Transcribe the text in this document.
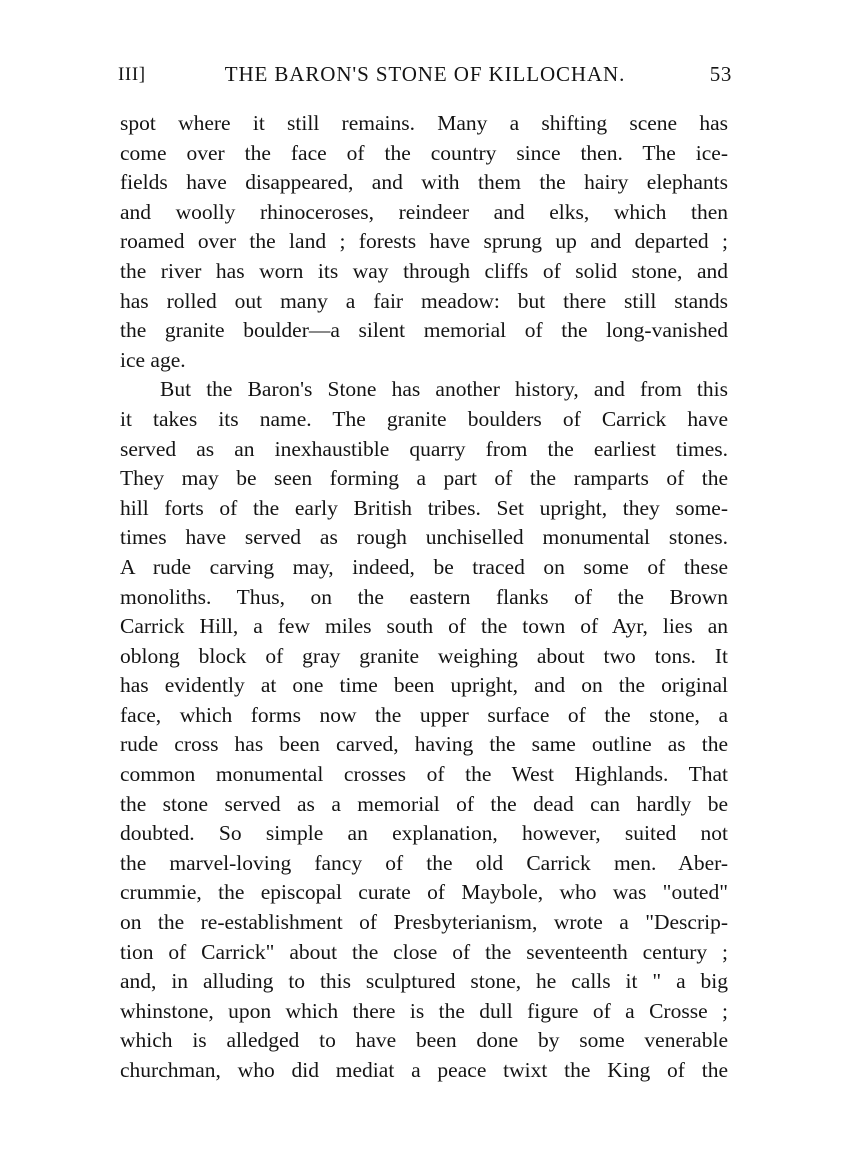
III]	THE BARON'S STONE OF KILLOCHAN.	53
spot where it still remains. Many a shifting scene has
come over the face of the country since then. The ice-
fields have disappeared, and with them the hairy elephants
and woolly rhinoceroses, reindeer and elks, which then
roamed over the land ; forests have sprung up and departed ;
the river has worn its way through cliffs of solid stone, and
has rolled out many a fair meadow: but there still stands
the granite boulder—a silent memorial of the long-vanished
ice age.
But the Baron's Stone has another history, and from this
it takes its name. The granite boulders of Carrick have
served as an inexhaustible quarry from the earliest times.
They may be seen forming a part of the ramparts of the
hill forts of the early British tribes. Set upright, they some-
times have served as rough unchiselled monumental stones.
A rude carving may, indeed, be traced on some of these
monoliths. Thus, on the eastern flanks of the Brown
Carrick Hill, a few miles south of the town of Ayr, lies an
oblong block of gray granite weighing about two tons. It
has evidently at one time been upright, and on the original
face, which forms now the upper surface of the stone, a
rude cross has been carved, having the same outline as the
common monumental crosses of the West Highlands. That
the stone served as a memorial of the dead can hardly be
doubted. So simple an explanation, however, suited not
the marvel-loving fancy of the old Carrick men. Aber-
crummie, the episcopal curate of Maybole, who was "outed"
on the re-establishment of Presbyterianism, wrote a "Descrip-
tion of Carrick" about the close of the seventeenth century ;
and, in alluding to this sculptured stone, he calls it " a big
whinstone, upon which there is the dull figure of a Crosse ;
which is alledged to have been done by some venerable
churchman, who did mediat a peace twixt the King of the
